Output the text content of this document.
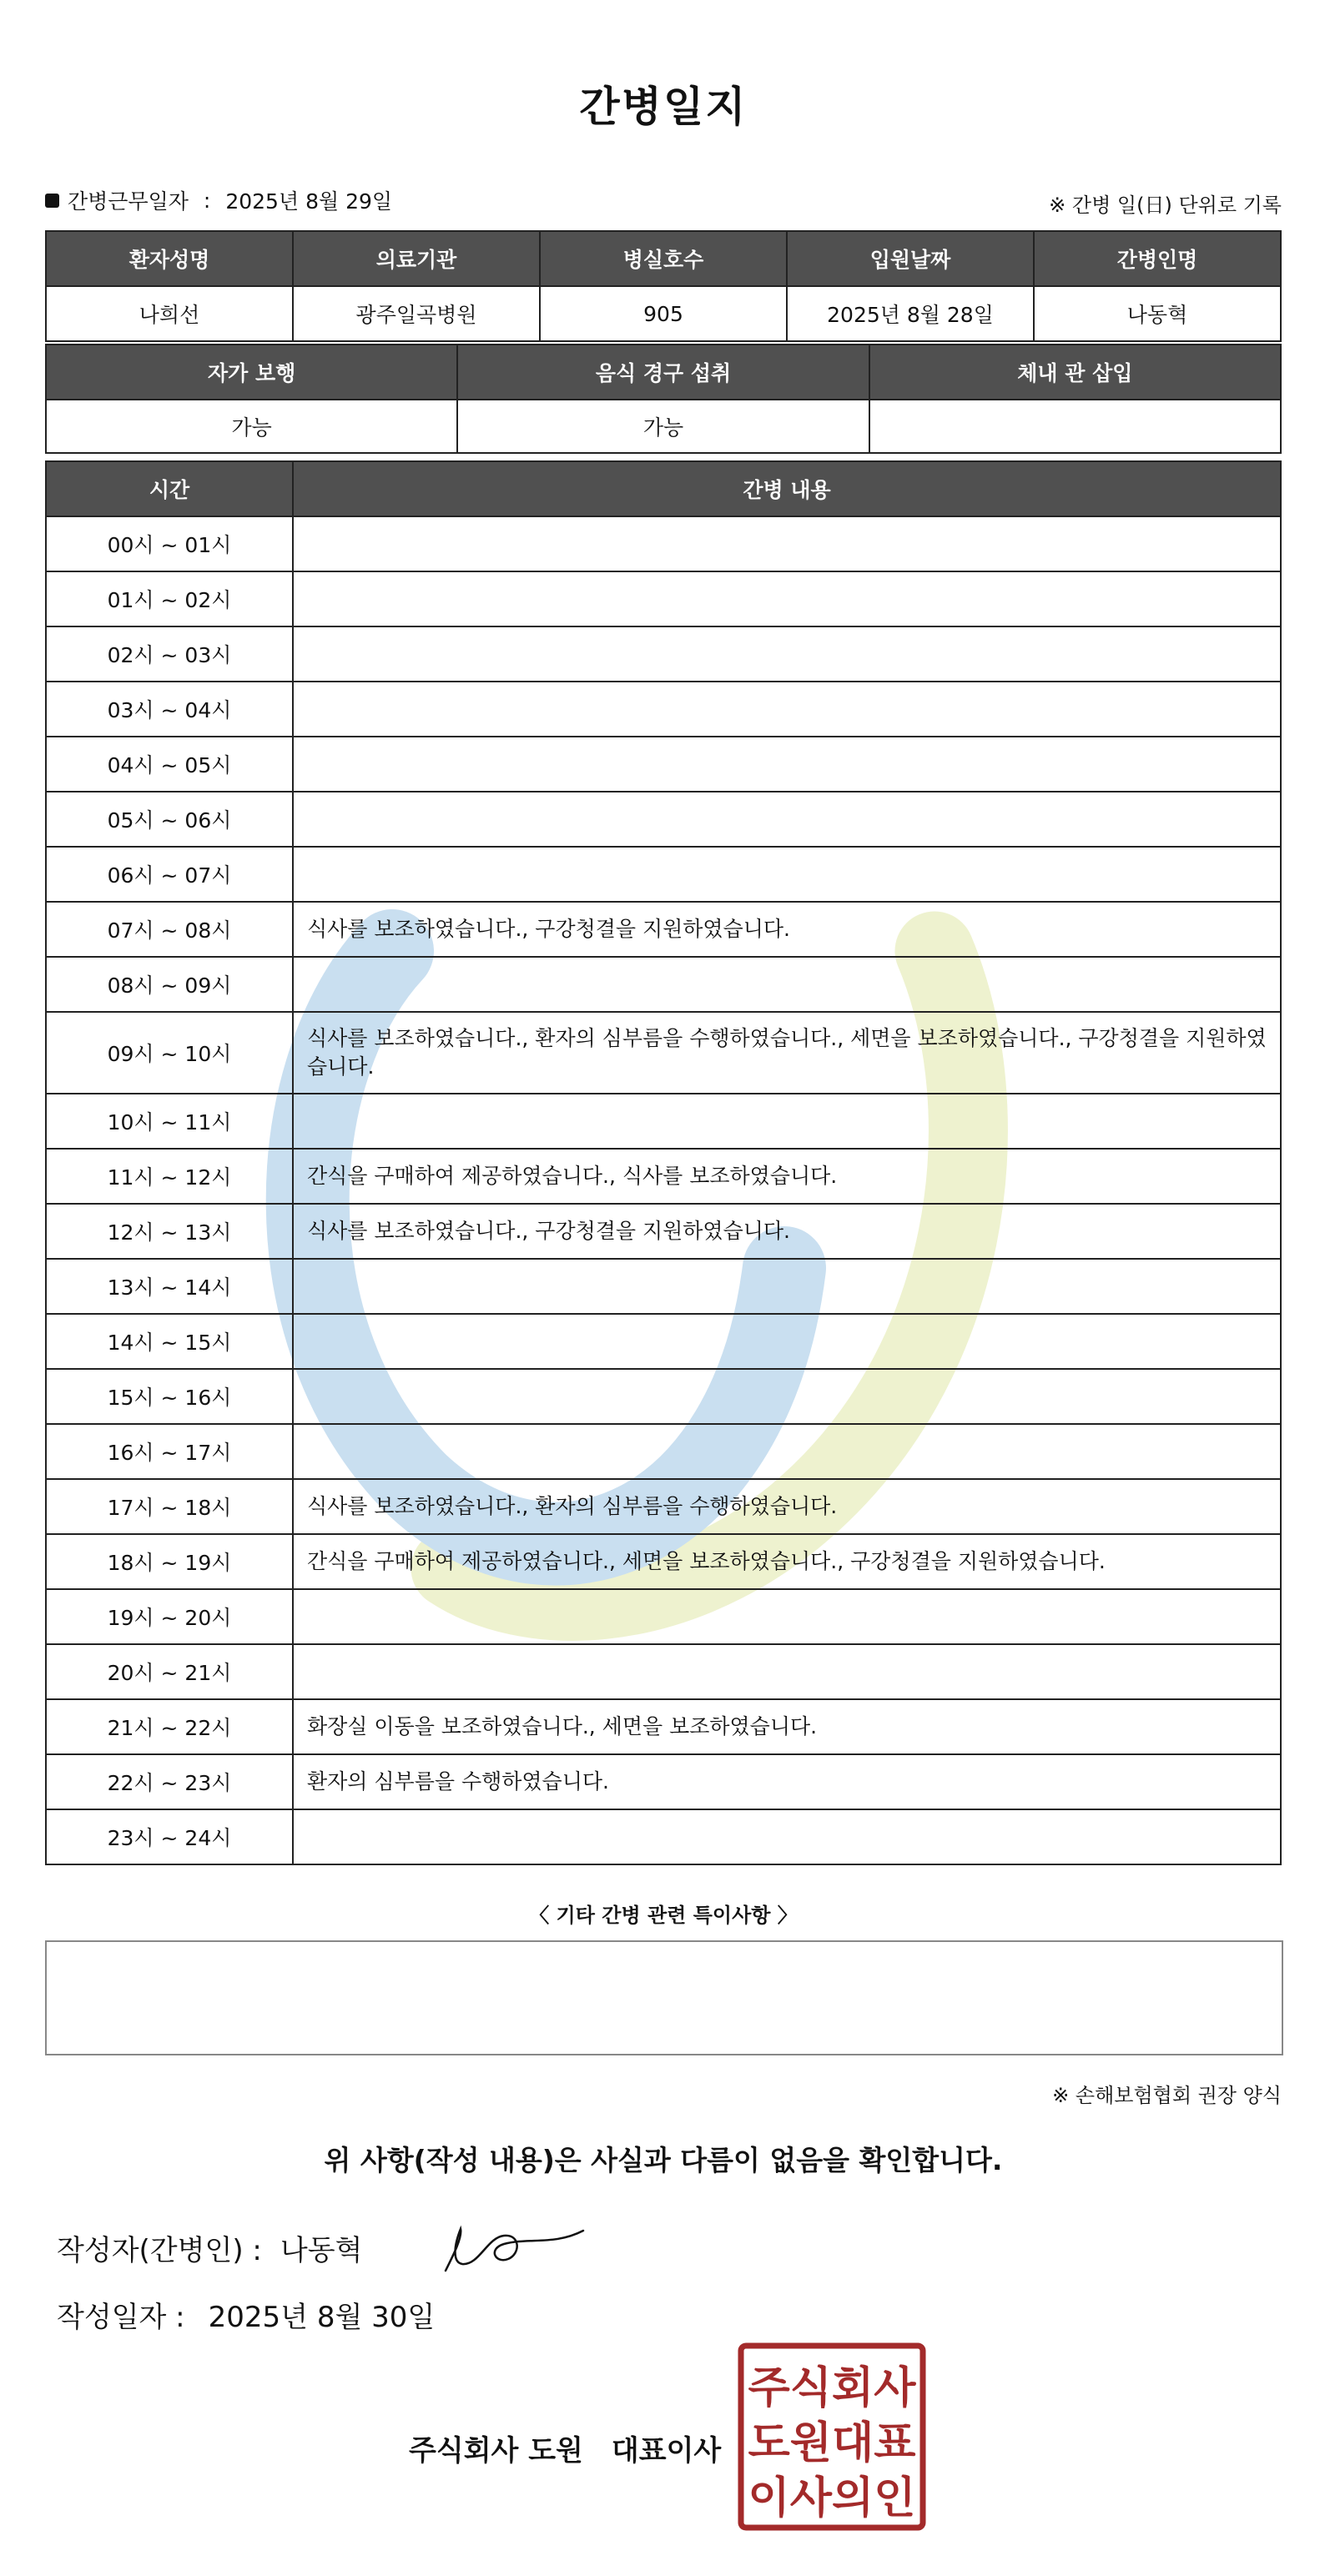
간병일지
간병근무일자 : 2025년 8월 29일	※ 간병 일(日) 단위로 기록
환자성명	의료기관	병실호수	입원날짜	간병인명
나희선	광주일곡병원	905	2025년 8월 28일	나동혁
자가 보행	음식 경구 섭취	체내 관 삽입
가능	가능	
시간	간병 내용
00시 ~ 01시	
01시 ~ 02시	
02시 ~ 03시	
03시 ~ 04시	
04시 ~ 05시	
05시 ~ 06시	
06시 ~ 07시	
07시 ~ 08시	식사를 보조하였습니다., 구강청결을 지원하였습니다.
08시 ~ 09시	
09시 ~ 10시	식사를 보조하였습니다., 환자의 심부름을 수행하였습니다., 세면을 보조하였습니다., 구강청결을 지원하였습니다.
10시 ~ 11시	
11시 ~ 12시	간식을 구매하여 제공하였습니다., 식사를 보조하였습니다.
12시 ~ 13시	식사를 보조하였습니다., 구강청결을 지원하였습니다.
13시 ~ 14시	
14시 ~ 15시	
15시 ~ 16시	
16시 ~ 17시	
17시 ~ 18시	식사를 보조하였습니다., 환자의 심부름을 수행하였습니다.
18시 ~ 19시	간식을 구매하여 제공하였습니다., 세면을 보조하였습니다., 구강청결을 지원하였습니다.
19시 ~ 20시	
20시 ~ 21시	
21시 ~ 22시	화장실 이동을 보조하였습니다., 세면을 보조하였습니다.
22시 ~ 23시	환자의 심부름을 수행하였습니다.
23시 ~ 24시	
〈 기타 간병 관련 특이사항 〉
※ 손해보험협회 권장 양식
위 사항(작성 내용)은 사실과 다름이 없음을 확인합니다.
작성자(간병인) : 나동혁
작성일자 : 2025년 8월 30일
주식회사 도원　대표이사
주식회사
도원대표
이사의인
